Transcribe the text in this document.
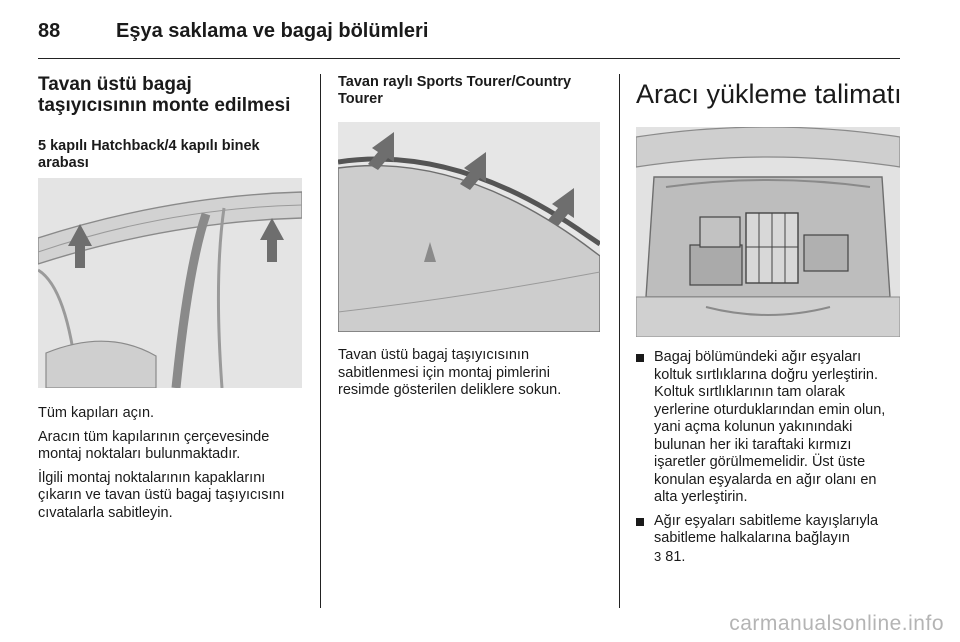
88	Eşya saklama ve bagaj bölümleri
Tavan üstü bagaj taşıyıcısının monte edilmesi
5 kapılı Hatchback/4 kapılı binek arabası

Tüm kapıları açın.

Aracın tüm kapılarının çerçevesinde montaj noktaları bulunmaktadır.

İlgili montaj noktalarının kapaklarını çıkarın ve tavan üstü bagaj taşıyıcısını cıvatalarla sabitleyin.

Tavan raylı Sports Tourer/Country Tourer

Tavan üstü bagaj taşıyıcısının sabitlenmesi için montaj pimlerini resimde gösterilen deliklere sokun.

Aracı yükleme talimatı
Bagaj bölümündeki ağır eşyaları koltuk sırtlıklarına doğru yerleştirin. Koltuk sırtlıklarının tam olarak yerlerine oturduklarından emin olun, yani açma kolunun yakınındaki bulunan her iki taraftaki kırmızı işaretler görülmemelidir. Üst üste konulan eşyalarda en ağır olanı en alta yerleştirin.
Ağır eşyaları sabitleme kayışlarıyla sabitleme halkalarına bağlayın
3 81.
carmanualsonline.info
